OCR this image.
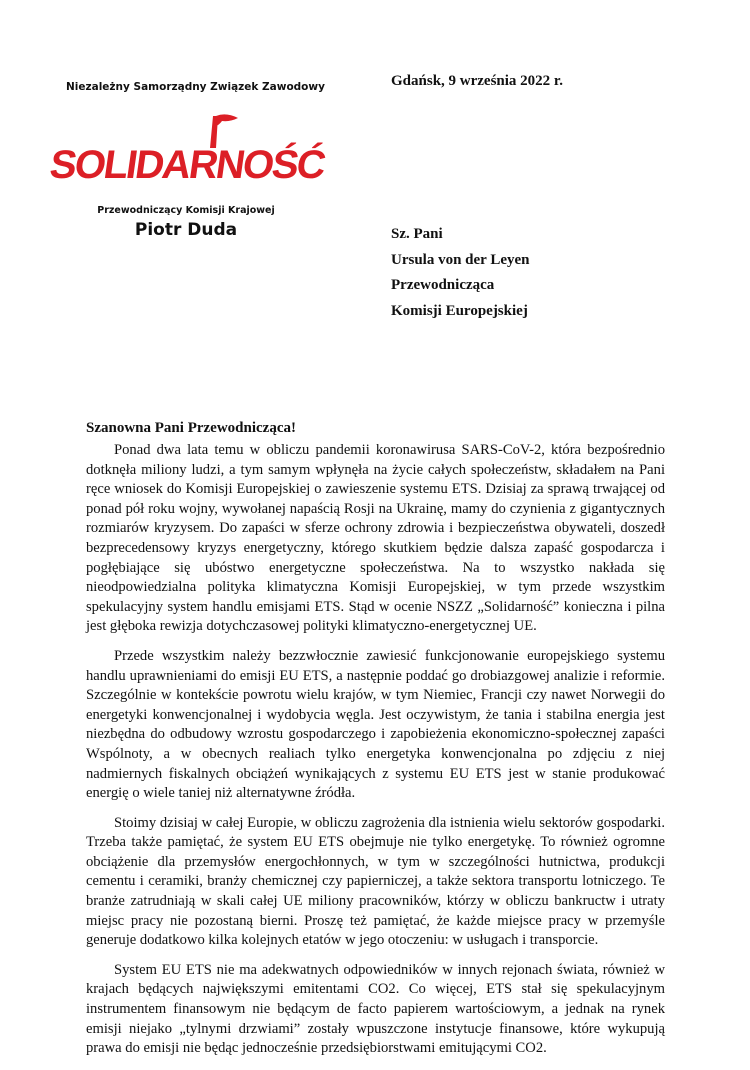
Niezależny Samorządny Związek Zawodowy
SOLIDARNOŚĆ
Przewodniczący Komisji Krajowej
Piotr Duda
Gdańsk, 9 września 2022 r.
Sz. Pani
Ursula von der Leyen
Przewodnicząca
Komisji Europejskiej
Szanowna Pani Przewodnicząca!

Ponad dwa lata temu w obliczu pandemii koronawirusa SARS-CoV-2, która bezpośrednio dotknęła miliony ludzi, a tym samym wpłynęła na życie całych społeczeństw, składałem na Pani ręce wniosek do Komisji Europejskiej o zawieszenie systemu ETS. Dzisiaj za sprawą trwającej od ponad pół roku wojny, wywołanej napaścią Rosji na Ukrainę, mamy do czynienia z gigantycznych rozmiarów kryzysem. Do zapaści w sferze ochrony zdrowia i bezpieczeństwa obywateli, doszedł bezprecedensowy kryzys energetyczny, którego skutkiem będzie dalsza zapaść gospodarcza i pogłębiające się ubóstwo energetyczne społeczeństwa. Na to wszystko nakłada się nieodpowiedzialna polityka klimatyczna Komisji Europejskiej, w tym przede wszystkim spekulacyjny system handlu emisjami ETS. Stąd w ocenie NSZZ „Solidarność” konieczna i pilna jest głęboka rewizja dotychczasowej polityki klimatyczno-energetycznej UE.

Przede wszystkim należy bezzwłocznie zawiesić funkcjonowanie europejskiego systemu handlu uprawnieniami do emisji EU ETS, a następnie poddać go drobiazgowej analizie i reformie. Szczególnie w kontekście powrotu wielu krajów, w tym Niemiec, Francji czy nawet Norwegii do energetyki konwencjonalnej i wydobycia węgla. Jest oczywistym, że tania i stabilna energia jest niezbędna do odbudowy wzrostu gospodarczego i zapobieżenia ekonomiczno-społecznej zapaści Wspólnoty, a w obecnych realiach tylko energetyka konwencjonalna po zdjęciu z niej nadmiernych fiskalnych obciążeń wynikających z systemu EU ETS jest w stanie produkować energię o wiele taniej niż alternatywne źródła.

Stoimy dzisiaj w całej Europie, w obliczu zagrożenia dla istnienia wielu sektorów gospodarki. Trzeba także pamiętać, że system EU ETS obejmuje nie tylko energetykę. To również ogromne obciążenie dla przemysłów energochłonnych, w tym w szczególności hutnictwa, produkcji cementu i ceramiki, branży chemicznej czy papierniczej, a także sektora transportu lotniczego. Te branże zatrudniają w skali całej UE miliony pracowników, którzy w obliczu bankructw i utraty miejsc pracy nie pozostaną bierni. Proszę też pamiętać, że każde miejsce pracy w przemyśle generuje dodatkowo kilka kolejnych etatów w jego otoczeniu: w usługach i transporcie.

System EU ETS nie ma adekwatnych odpowiedników w innych rejonach świata, również w krajach będących największymi emitentami CO2. Co więcej, ETS stał się spekulacyjnym instrumentem finansowym nie będącym de facto papierem wartościowym, a jednak na rynek emisji niejako „tylnymi drzwiami” zostały wpuszczone instytucje finansowe, które wykupują prawa do emisji nie będąc jednocześnie przedsiębiorstwami emitującymi CO2.
